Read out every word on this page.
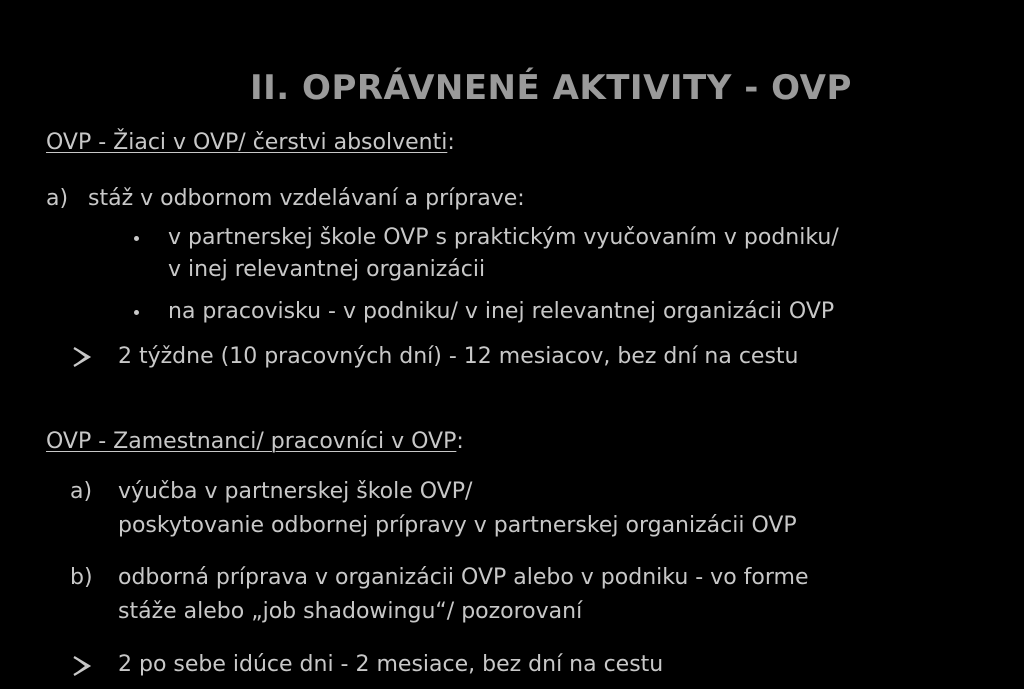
II. OPRÁVNENÉ AKTIVITY - OVP
OVP - Žiaci v OVP/ čerstvi absolventi:
a) stáž v odbornom vzdelávaní a príprave:
v partnerskej škole OVP s praktickým vyučovaním v podniku/
v inej relevantnej organizácii
na pracovisku - v podniku/ v inej relevantnej organizácii OVP
2 týždne (10 pracovných dní) - 12 mesiacov, bez dní na cestu
OVP - Zamestnanci/ pracovníci v OVP:
a) výučba v partnerskej škole OVP/
poskytovanie odbornej prípravy v partnerskej organizácii OVP
b) odborná príprava v organizácii OVP alebo v podniku - vo forme
stáže alebo „job shadowingu“/ pozorovaní
2 po sebe idúce dni - 2 mesiace, bez dní na cestu
